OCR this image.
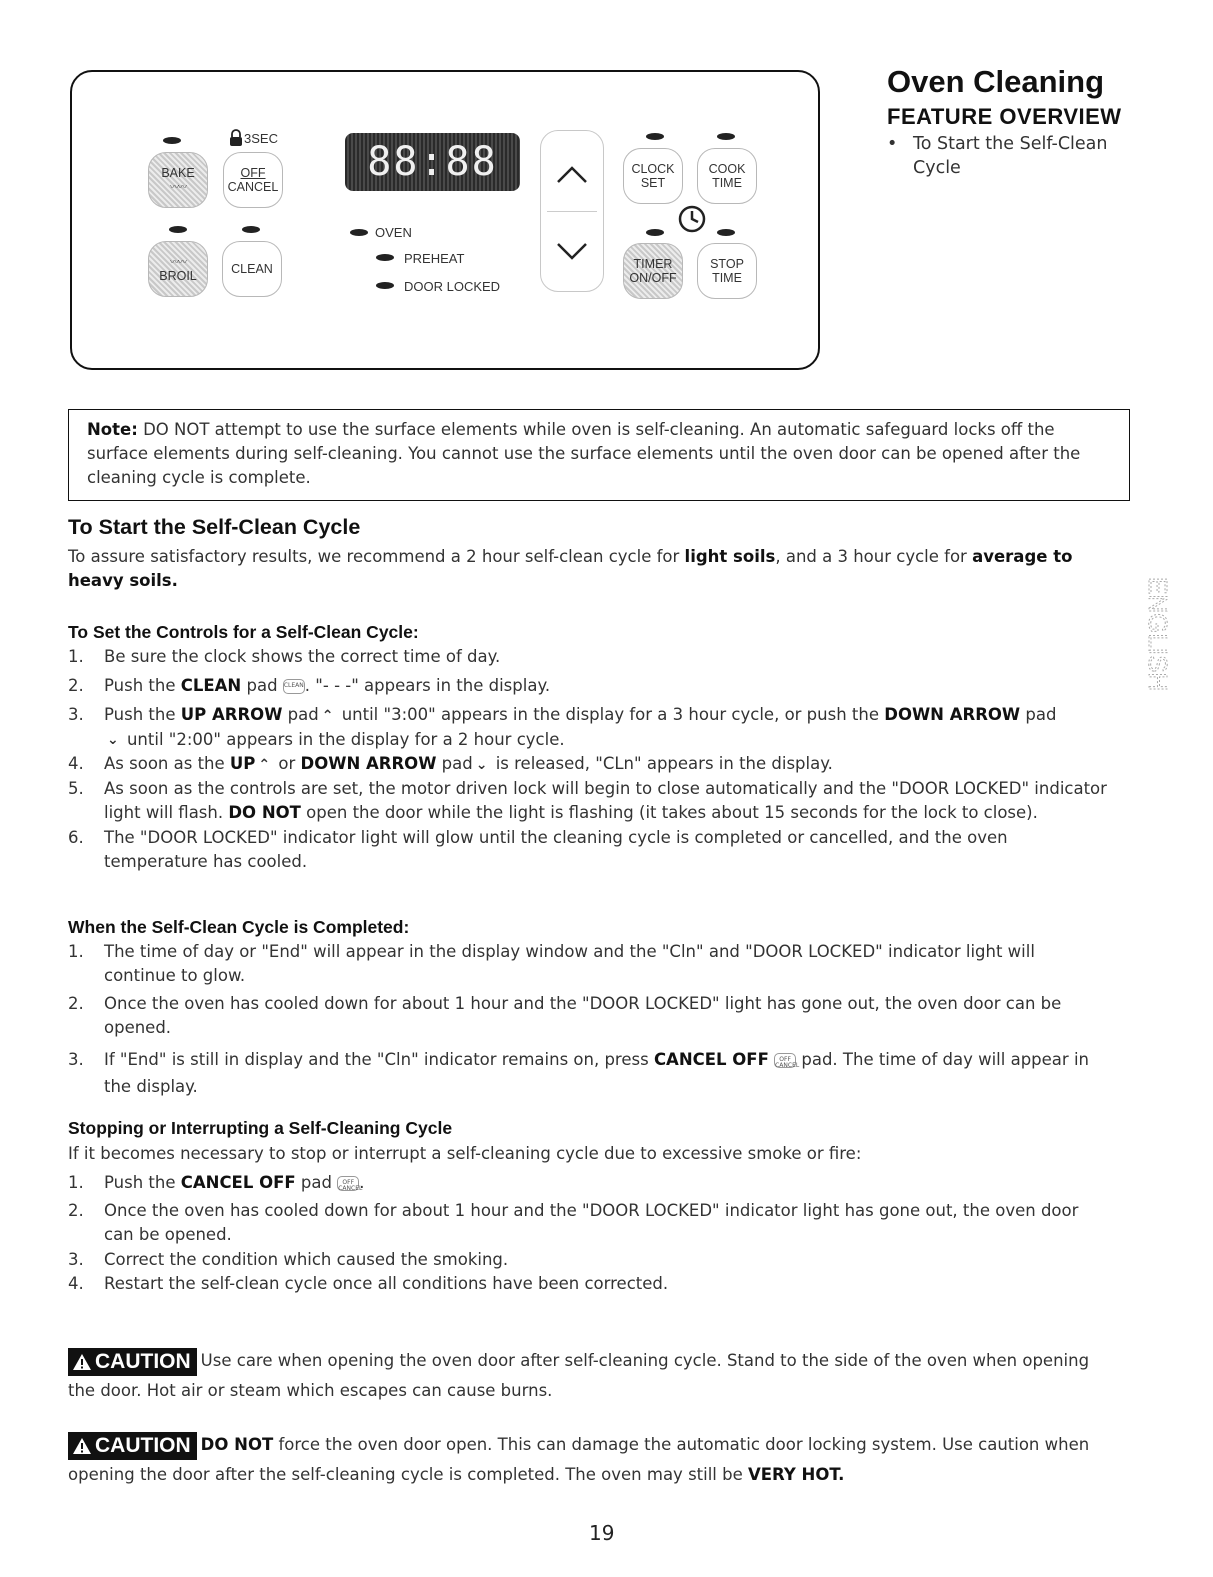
3SEC
BAKE
〰〰
OFF
CANCEL
〰〰
BROIL	CLEAN
88:88
OVEN
PREHEAT
DOOR LOCKED
CLOCK
SET
COOK
TIME
TIMER
ON/OFF
STOP
TIME
Oven Cleaning
FEATURE OVERVIEW
• To Start the Self-Clean Cycle
Note: DO NOT attempt to use the surface elements while oven is self-cleaning. An automatic safeguard locks off the surface elements during self-cleaning. You cannot use the surface elements until the oven door can be opened after the cleaning cycle is complete.
To Start the Self-Clean Cycle
To assure satisfactory results, we recommend a 2 hour self-clean cycle for light soils, and a 3 hour cycle for average to heavy soils.
To Set the Controls for a Self-Clean Cycle:
1. Be sure the clock shows the correct time of day.
2. Push the CLEAN pad CLEAN. "- - -" appears in the display.
3. Push the UP ARROW pad ⌃ until "3:00" appears in the display for a 3 hour cycle, or push the DOWN ARROW pad
⌄ until "2:00" appears in the display for a 2 hour cycle.
4. As soon as the UP ⌃ or DOWN ARROW pad ⌄ is released, "CLn" appears in the display.
5. As soon as the controls are set, the motor driven lock will begin to close automatically and the "DOOR LOCKED" indicator light will flash. DO NOT open the door while the light is flashing (it takes about 15 seconds for the lock to close).
6. The "DOOR LOCKED" indicator light will glow until the cleaning cycle is completed or cancelled, and the oven temperature has cooled.
When the Self-Clean Cycle is Completed:
1. The time of day or "End" will appear in the display window and the "Cln" and "DOOR LOCKED" indicator light will continue to glow.
2. Once the oven has cooled down for about 1 hour and the "DOOR LOCKED" light has gone out, the oven door can be opened.
3. If "End" is still in display and the "Cln" indicator remains on, press CANCEL OFF OFF
CANCEL pad. The time of day will appear in the display.
Stopping or Interrupting a Self-Cleaning Cycle
If it becomes necessary to stop or interrupt a self-cleaning cycle due to excessive smoke or fire:
1. Push the CANCEL OFF pad OFF
CANCEL.
2. Once the oven has cooled down for about 1 hour and the "DOOR LOCKED" indicator light has gone out, the oven door can be opened.
3. Correct the condition which caused the smoking.
4. Restart the self-clean cycle once all conditions have been corrected.
CAUTION Use care when opening the oven door after self-cleaning cycle. Stand to the side of the oven when opening the door. Hot air or steam which escapes can cause burns.
CAUTION DO NOT force the oven door open. This can damage the automatic door locking system. Use caution when opening the door after the self-cleaning cycle is completed. The oven may still be VERY HOT.
ENGLISH
19
